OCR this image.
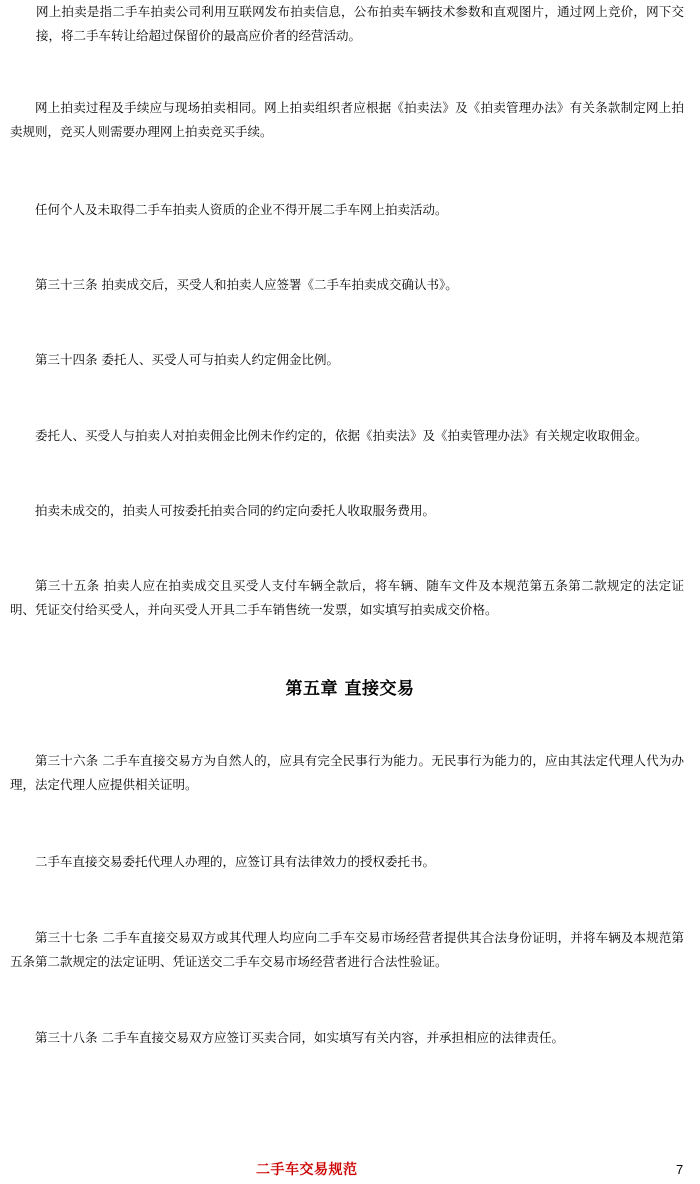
网上拍卖是指二手车拍卖公司利用互联网发布拍卖信息，公布拍卖车辆技术参数和直观图片，通过网上竞价，网下交接，将二手车转让给超过保留价的最高应价者的经营活动。

网上拍卖过程及手续应与现场拍卖相同。网上拍卖组织者应根据《拍卖法》及《拍卖管理办法》有关条款制定网上拍卖规则，竞买人则需要办理网上拍卖竞买手续。

任何个人及未取得二手车拍卖人资质的企业不得开展二手车网上拍卖活动。

第三十三条 拍卖成交后，买受人和拍卖人应签署《二手车拍卖成交确认书》。

第三十四条 委托人、买受人可与拍卖人约定佣金比例。

委托人、买受人与拍卖人对拍卖佣金比例未作约定的，依据《拍卖法》及《拍卖管理办法》有关规定收取佣金。

拍卖未成交的，拍卖人可按委托拍卖合同的约定向委托人收取服务费用。

第三十五条 拍卖人应在拍卖成交且买受人支付车辆全款后，将车辆、随车文件及本规范第五条第二款规定的法定证明、凭证交付给买受人，并向买受人开具二手车销售统一发票，如实填写拍卖成交价格。

第五章 直接交易

第三十六条 二手车直接交易方为自然人的，应具有完全民事行为能力。无民事行为能力的，应由其法定代理人代为办理，法定代理人应提供相关证明。

二手车直接交易委托代理人办理的，应签订具有法律效力的授权委托书。

第三十七条 二手车直接交易双方或其代理人均应向二手车交易市场经营者提供其合法身份证明，并将车辆及本规范第五条第二款规定的法定证明、凭证送交二手车交易市场经营者进行合法性验证。

第三十八条 二手车直接交易双方应签订买卖合同，如实填写有关内容，并承担相应的法律责任。

二手车交易规范	7
